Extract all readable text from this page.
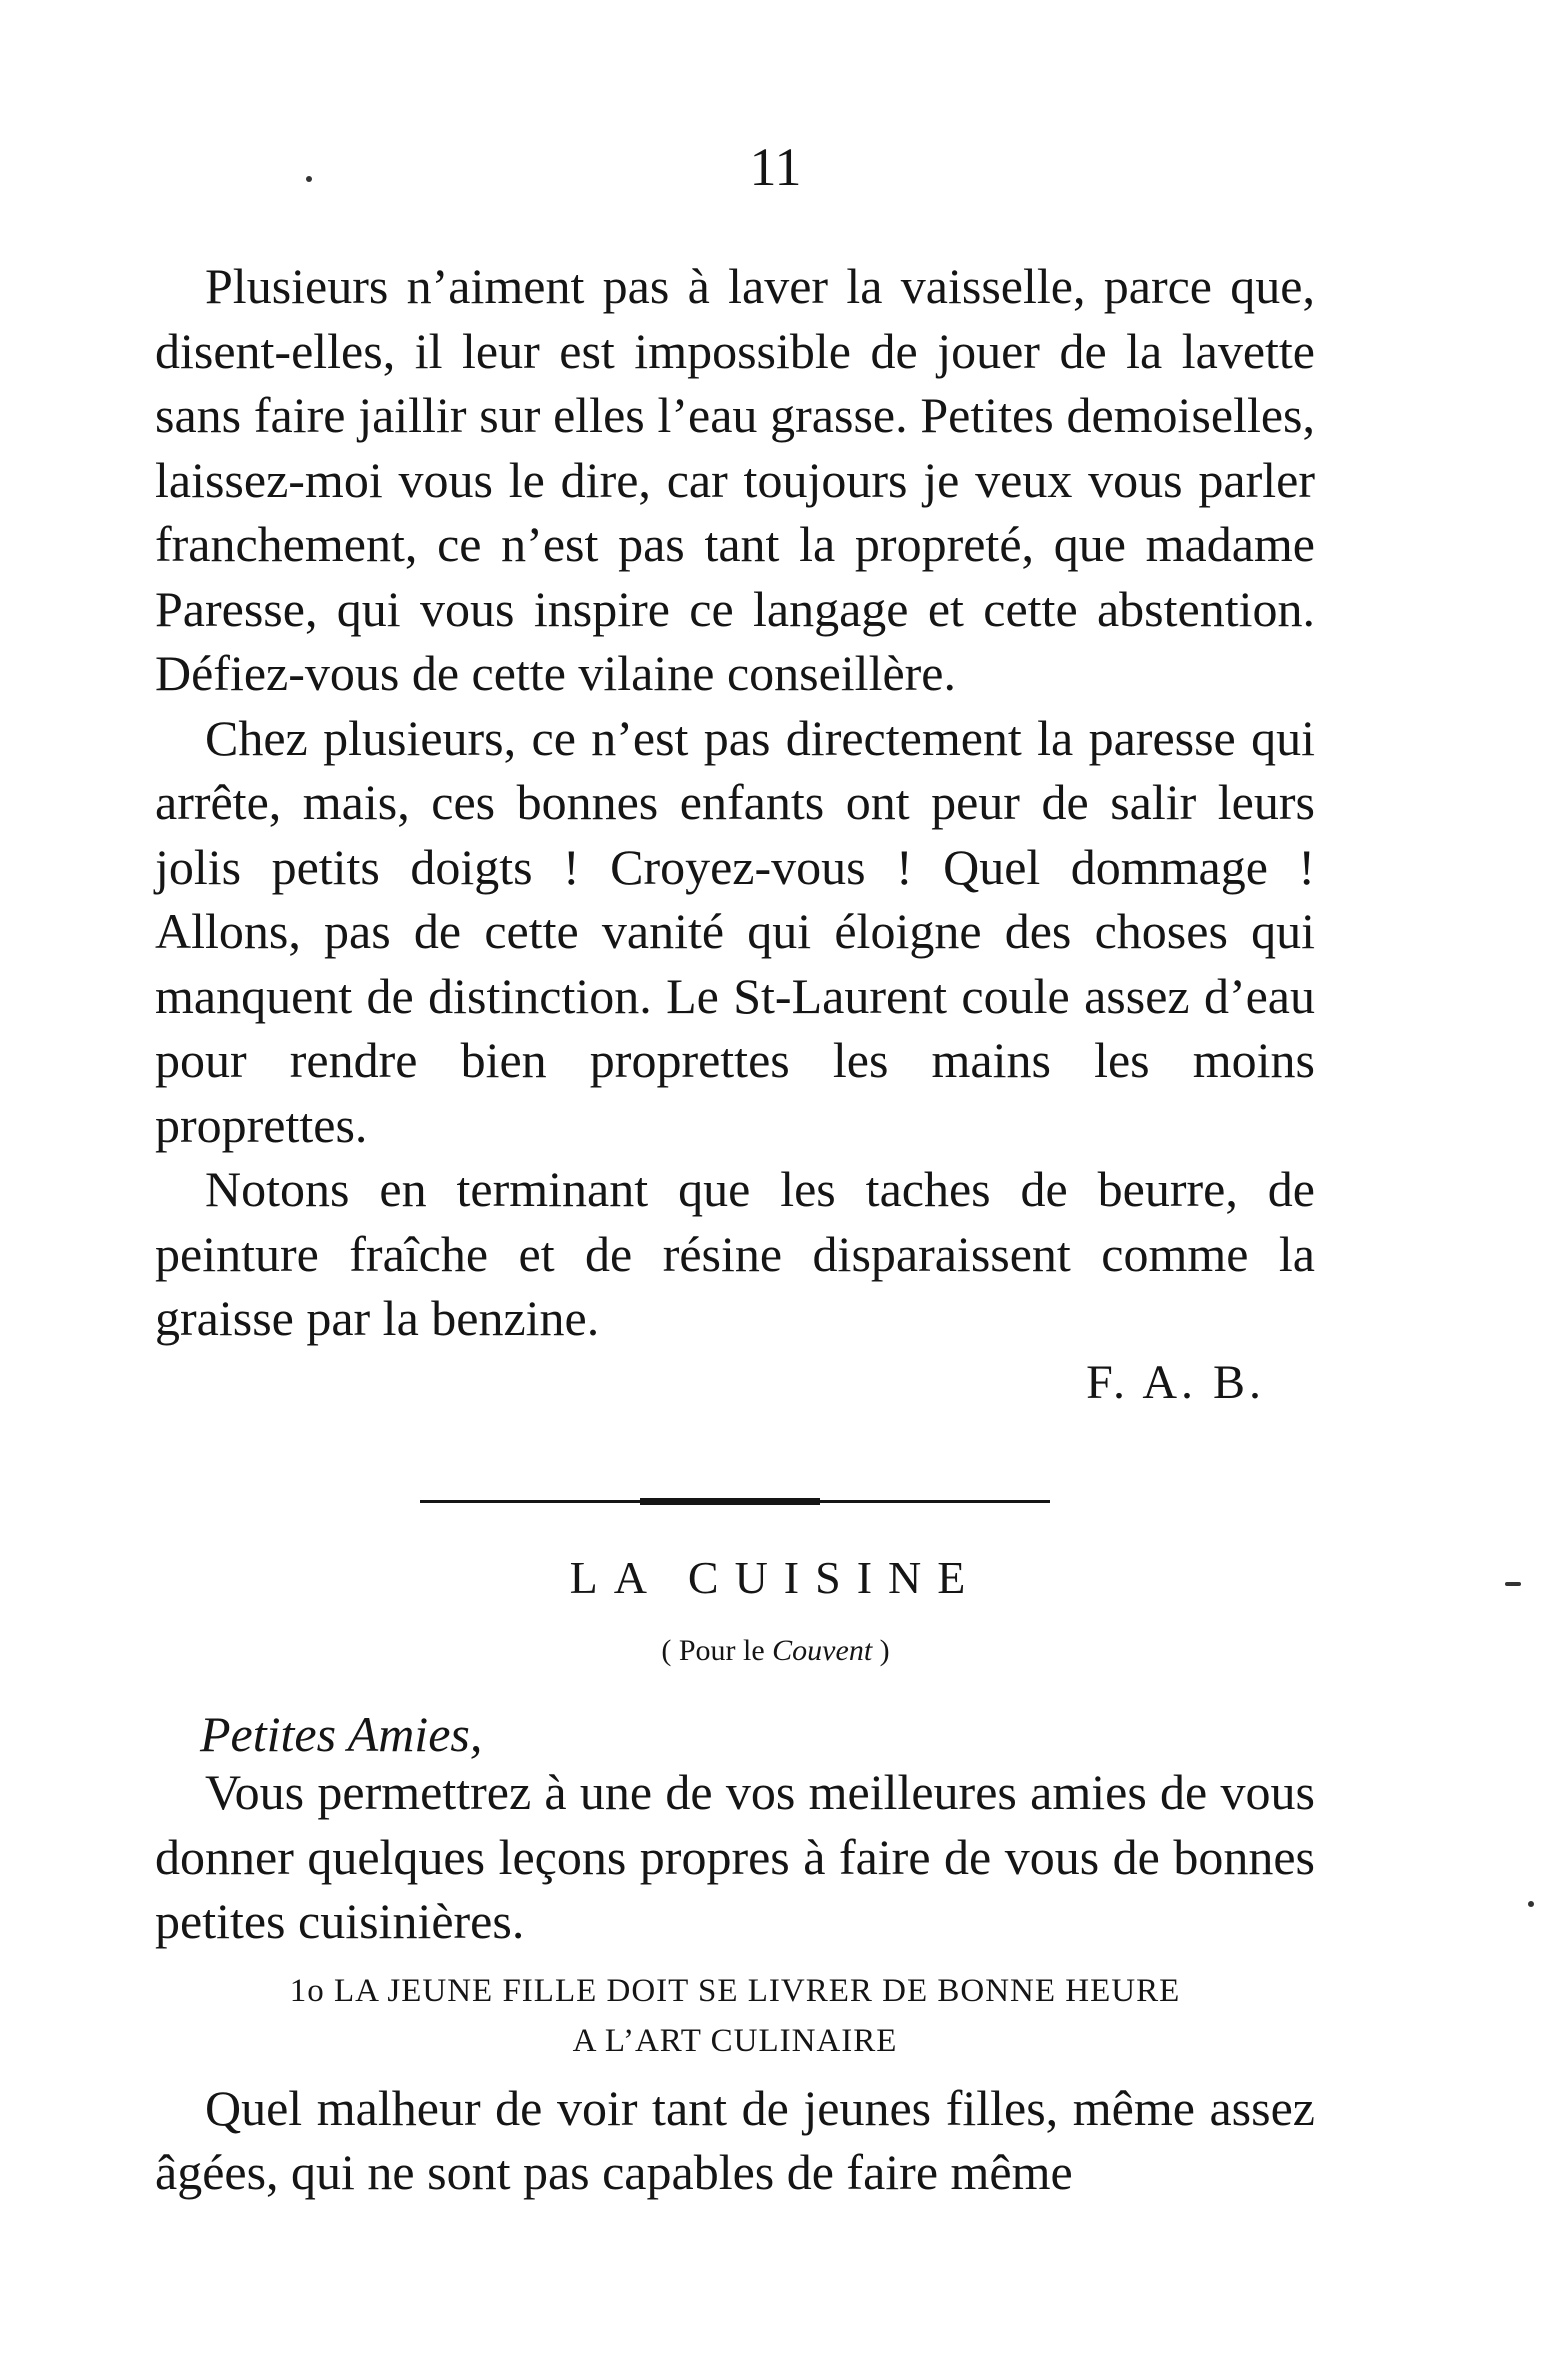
11

Plusieurs n’aiment pas à laver la vaisselle, parce que, disent-elles, il leur est impossible de jouer de la lavette sans faire jaillir sur elles l’eau grasse. Petites demoiselles, laissez-moi vous le dire, car toujours je veux vous parler franchement, ce n’est pas tant la propreté, que madame Paresse, qui vous inspire ce langage et cette abstention. Défiez-vous de cette vilaine conseillère.

Chez plusieurs, ce n’est pas directement la paresse qui arrête, mais, ces bonnes enfants ont peur de salir leurs jolis petits doigts ! Croyez-vous ! Quel dommage ! Allons, pas de cette vanité qui éloigne des choses qui manquent de distinction. Le St-Laurent coule assez d’eau pour rendre bien proprettes les mains les moins proprettes.

Notons en terminant que les taches de beurre, de peinture fraîche et de résine disparaissent comme la graisse par la benzine.

F. A. B.

LA CUISINE
( Pour le Couvent )
Petites Amies,

Vous permettrez à une de vos meilleures amies de vous donner quelques leçons propres à faire de vous de bonnes petites cuisinières.

1o LA JEUNE FILLE DOIT SE LIVRER DE BONNE HEURE

A L’ART CULINAIRE

Quel malheur de voir tant de jeunes filles, même assez âgées, qui ne sont pas capables de faire même
